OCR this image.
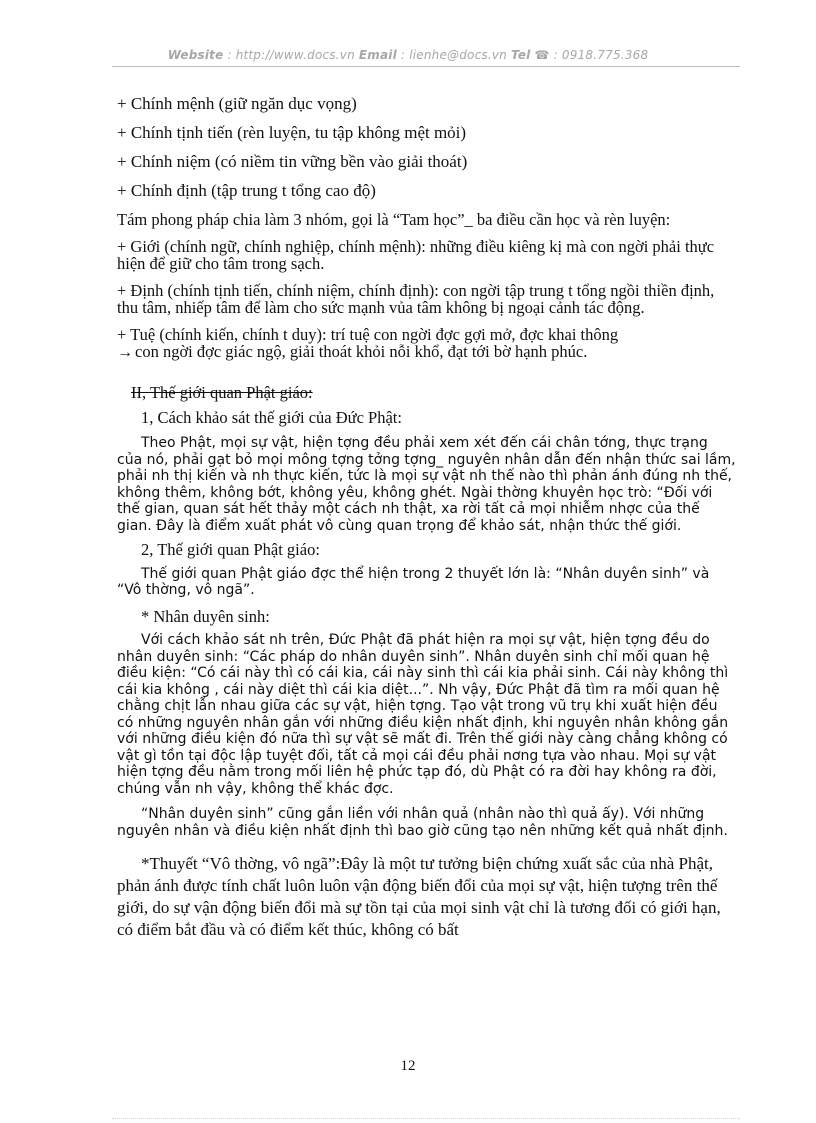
Website : http://www.docs.vn Email : lienhe@docs.vn Tel ☎ : 0918.775.368

+ Chính mệnh (giữ ngăn dục vọng)

+ Chính tịnh tiến (rèn luyện, tu tập không mệt mỏi)

+ Chính niệm (có niềm tin vững bền vào giải thoát)

+ Chính định (tập trung t tổng cao độ)

Tám phong pháp chia làm 3 nhóm, gọi là “Tam học”_ ba điều cần học và rèn luyện:

+ Giới (chính ngữ, chính nghiệp, chính mệnh): những điều kiêng kị mà con ngời phải thực hiện để giữ cho tâm trong sạch.

+ Định (chính tịnh tiến, chính niệm, chính định): con ngời tập trung t tổng ngồi thiền định, thu tâm, nhiếp tâm để làm cho sức mạnh vủa tâm không bị ngoại cảnh tác động.

+ Tuệ (chính kiến, chính t duy): trí tuệ con ngời đợc gợi mở, đợc khai thông

→ con ngời đợc giác ngộ, giải thoát khỏi nỗi khổ, đạt tới bờ hạnh phúc.

II, Thế giới quan Phật giáo:

1, Cách khảo sát thế giới của Đức Phật:

Theo Phật, mọi sự vật, hiện tợng đều phải xem xét đến cái chân tớng, thực trạng của nó, phải gạt bỏ mọi mông tợng tởng tợng_ nguyên nhân dẫn đến nhận thức sai lầm, phải nh thị kiến và nh thực kiến, tức là mọi sự vật nh thế nào thì phản ánh đúng nh thế, không thêm, không bớt, không yêu, không ghét. Ngài thờng khuyên học trò: “Đối với thế gian, quan sát hết thảy một cách nh thật, xa rời tất cả mọi nhiễm nhợc của thế gian. Đây là điểm xuất phát vô cùng quan trọng để khảo sát, nhận thức thế giới.

2, Thế giới quan Phật giáo:

Thế giới quan Phật giáo đợc thể hiện trong 2 thuyết lớn là: “Nhân duyên sinh” và “Vô thờng, vô ngã”.

* Nhân duyên sinh:

Với cách khảo sát nh trên, Đức Phật đã phát hiện ra mọi sự vật, hiện tợng đều do nhân duyên sinh: “Các pháp do nhân duyên sinh”. Nhân duyên sinh chỉ mối quan hệ điều kiện: “Có cái này thì có cái kia, cái này sinh thì cái kia phải sinh. Cái này không thì cái kia không , cái này diệt thì cái kia diệt...”. Nh vậy, Đức Phật đã tìm ra mối quan hệ chằng chịt lẫn nhau giữa các sự vật, hiện tợng. Tạo vật trong vũ trụ khi xuất hiện đều có những nguyên nhân gắn với những điều kiện nhất định, khi nguyên nhân không gắn với những điều kiện đó nữa thì sự vật sẽ mất đi. Trên thế giới này càng chẳng không có vật gì tồn tại độc lập tuyệt đối, tất cả mọi cái đều phải nơng tựa vào nhau. Mọi sự vật hiện tợng đều nằm trong mối liên hệ phức tạp đó, dù Phật có ra đời hay không ra đời, chúng vẫn nh vậy, không thể khác đợc.

“Nhân duyên sinh” cũng gắn liền với nhân quả (nhân nào thì quả ấy). Với những nguyên nhân và điều kiện nhất định thì bao giờ cũng tạo nên những kết quả nhất định.

*Thuyết “Vô thờng, vô ngã”:Đây là một tư tưởng biện chứng xuất sắc của nhà Phật, phản ánh được tính chất luôn luôn vận động biến đổi của mọi sự vật, hiện tượng trên thế giới, do sự vận động biến đổi mà sự tồn tại của mọi sinh vật chỉ là tương đối có giới hạn, có điểm bắt đầu và có điểm kết thúc, không có bất

12
